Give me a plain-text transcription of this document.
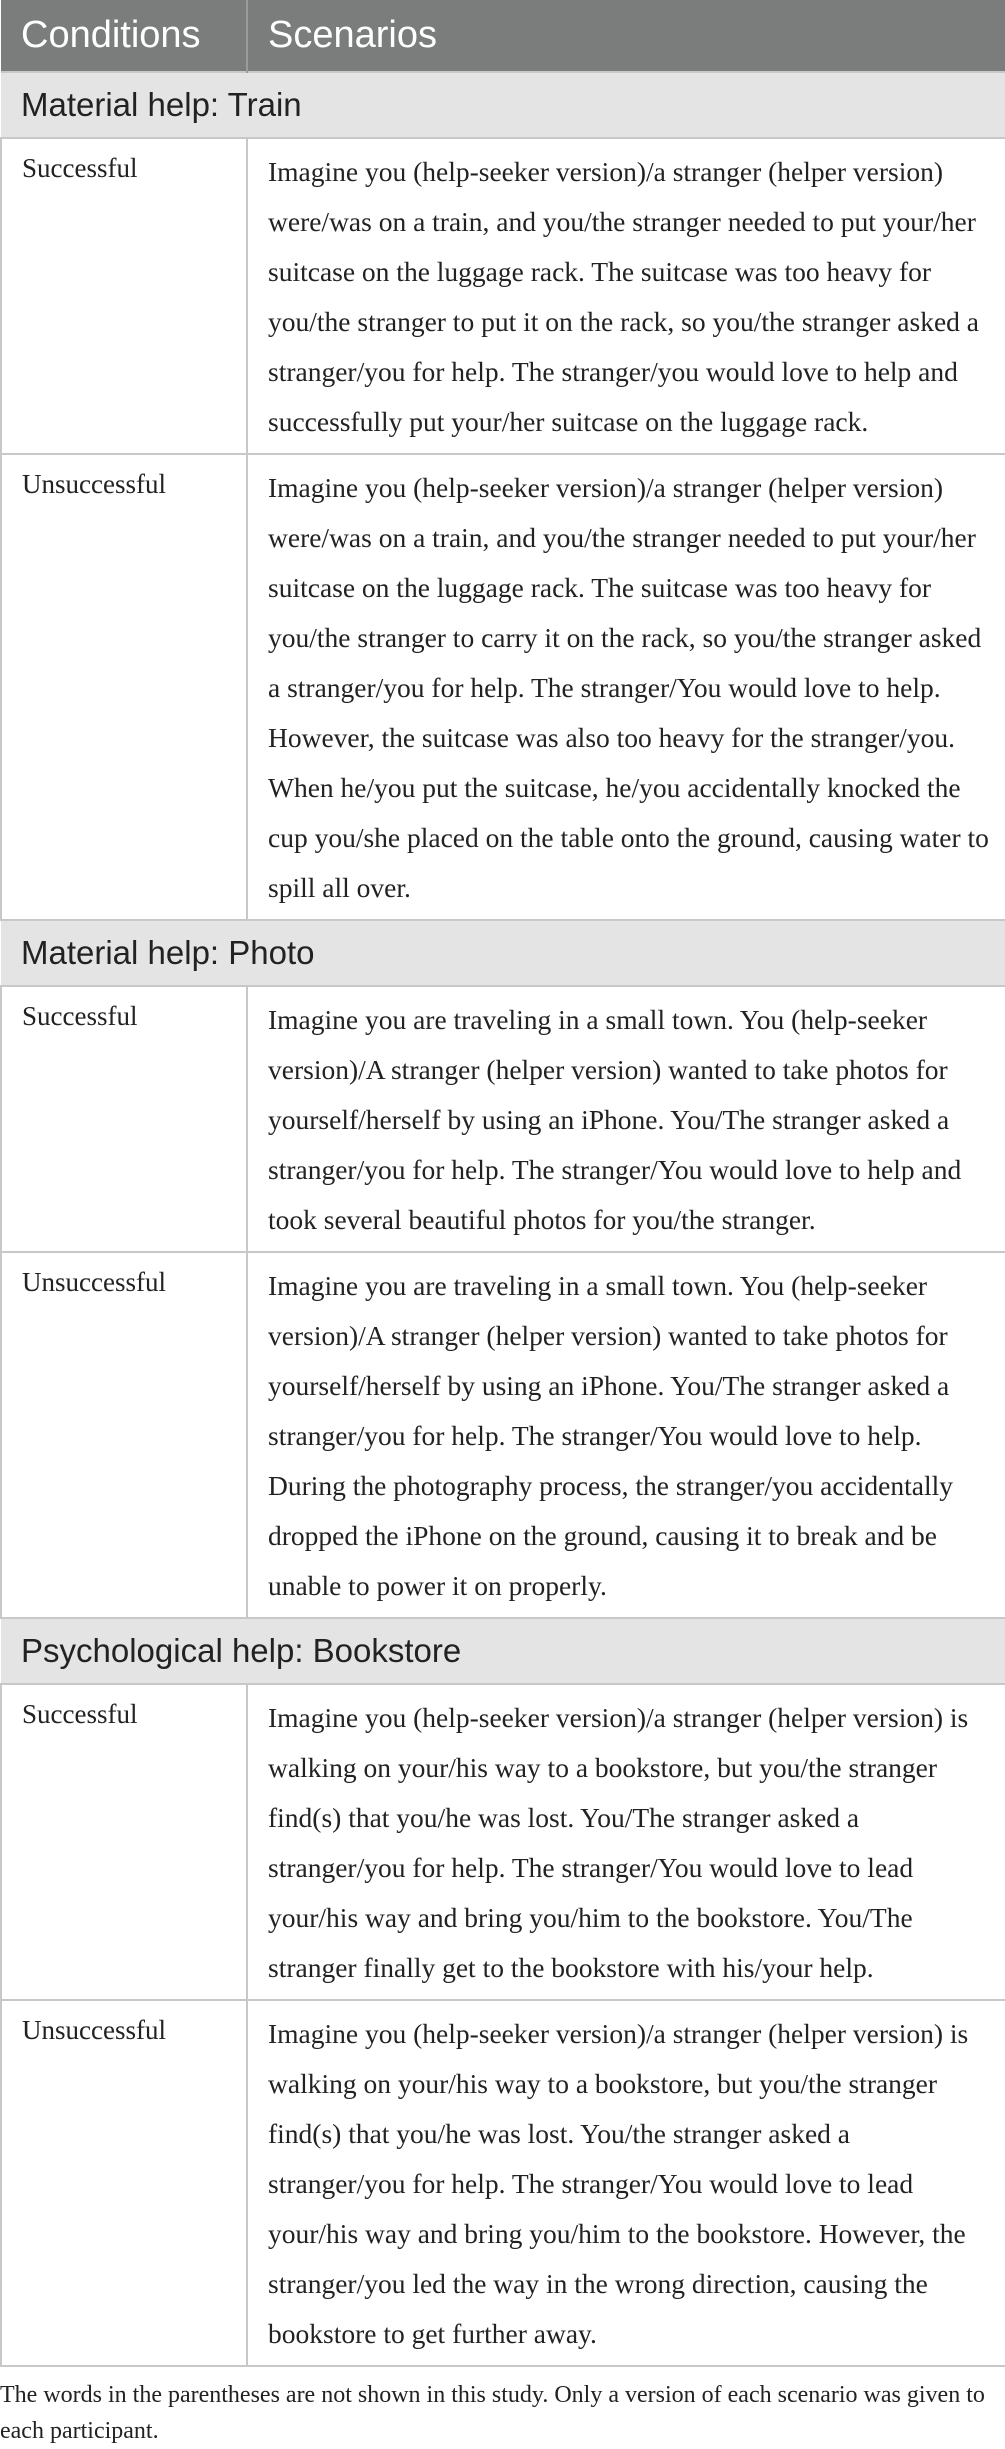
Conditions	Scenarios
Material help: Train	
Successful	Imagine you (help-seeker version)/a stranger (helper version) were/was on a train, and you/the stranger needed to put your/her suitcase on the luggage rack. The suitcase was too heavy for you/the stranger to put it on the rack, so you/the stranger asked a stranger/you for help. The stranger/you would love to help and successfully put your/her suitcase on the luggage rack.
Unsuccessful	Imagine you (help-seeker version)/a stranger (helper version) were/was on a train, and you/the stranger needed to put your/her suitcase on the luggage rack. The suitcase was too heavy for you/the stranger to carry it on the rack, so you/the stranger asked a stranger/you for help. The stranger/You would love to help. However, the suitcase was also too heavy for the stranger/you. When he/you put the suitcase, he/you accidentally knocked the cup you/she placed on the table onto the ground, causing water to spill all over.
Material help: Photo	
Successful	Imagine you are traveling in a small town. You (help-seeker version)/A stranger (helper version) wanted to take photos for yourself/herself by using an iPhone. You/The stranger asked a stranger/you for help. The stranger/You would love to help and took several beautiful photos for you/the stranger.
Unsuccessful	Imagine you are traveling in a small town. You (help-seeker version)/A stranger (helper version) wanted to take photos for yourself/herself by using an iPhone. You/The stranger asked a stranger/you for help. The stranger/You would love to help. During the photography process, the stranger/you accidentally dropped the iPhone on the ground, causing it to break and be unable to power it on properly.
Psychological help: Bookstore	
Successful	Imagine you (help-seeker version)/a stranger (helper version) is walking on your/his way to a bookstore, but you/the stranger find(s) that you/he was lost. You/The stranger asked a stranger/you for help. The stranger/You would love to lead your/his way and bring you/him to the bookstore. You/The stranger finally get to the bookstore with his/your help.
Unsuccessful	Imagine you (help-seeker version)/a stranger (helper version) is walking on your/his way to a bookstore, but you/the stranger find(s) that you/he was lost. You/the stranger asked a stranger/you for help. The stranger/You would love to lead your/his way and bring you/him to the bookstore. However, the stranger/you led the way in the wrong direction, causing the bookstore to get further away.

The words in the parentheses are not shown in this study. Only a version of each scenario was given to each participant.
